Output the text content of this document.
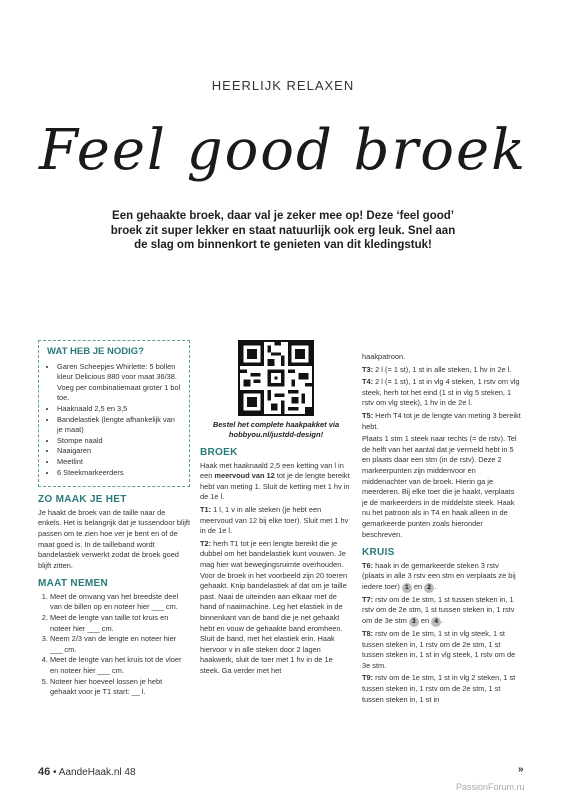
HEERLIJK RELAXEN
Feel good broek
Een gehaakte broek, daar val je zeker mee op! Deze ‘feel good’ broek zit super lekker en staat natuurlijk ook erg leuk. Snel aan de slag om binnenkort te genieten van dit kledingstuk!
WAT HEB JE NODIG?
• Garen Scheepjes Whirlette: 5 bollen kleur Delicious 880 voor maat 36/38. Voeg per combinatiemaat groter 1 bol toe.
• Haaknaald 2,5 en 3,5
• Bandelastiek (lengte afhankelijk van je maat)
• Stompe naald
• Naaigaren
• Meetlint
• 6 Steekmarkeerders
ZO MAAK JE HET

Je haakt de broek van de taille naar de enkels. Het is belangrijk dat je tussendoor blijft passen om te zien hoe ver je bent en of de maat goed is. In de tailleband wordt bandelastiek verwerkt zodat de broek goed blijft zitten.

MAAT NEMEN
1. Meet de omvang van het breedste deel van de billen op en noteer hier ___ cm.
2. Meet de lengte van taille tot kruis en noteer hier ___ cm.
3. Neem 2/3 van de lengte en noteer hier ___ cm.
4. Meet de lengte van het kruis tot de vloer en noteer hier ___ cm.
5. Noteer hier hoeveel lossen je hebt gehaakt voor je T1 start: __ l.
Bestel het complete haakpakket via hobbyou.nl/justdd-design!
BROEK

Haak met haaknaald 2,5 een ketting van l in een meervoud van 12 tot je de lengte bereikt hebt van meting 1. Sluit de ketting met 1 hv in de 1e l.

T1: 1 l, 1 v in alle steken (je hebt een meervoud van 12 bij elke toer). Sluit met 1 hv in de 1e l.

T2: herh T1 tot je een lengte bereikt die je dubbel om het bandelastiek kunt vouwen. Je mag hier wat bewegingsruimte overhouden. Voor de broek in het voorbeeld zijn 20 toeren gehaakt. Knip bandelastiek af dat om je taille past. Naai de uiteinden aan elkaar met de hand of naaimachine. Leg het elastiek in de binnenkant van de band die je net gehaakt hebt en vouw de gehaakte band eromheen. Sluit de band, met het elastiek erin. Haak hiervoor v in alle steken door 2 lagen haakwerk, sluit de toer met 1 hv in de 1e steek. Ga verder met het

haakpatroon.

T3: 2 l (= 1 st), 1 st in alle steken, 1 hv in 2e l.

T4: 2 l (= 1 st), 1 st in vlg 4 steken, 1 rstv om vlg steek, herh tot het eind (1 st in vlg 5 steken, 1 rstv om vlg steek), 1 hv in de 2e l.

T5: Herh T4 tot je de lengte van meting 3 bereikt hebt.

Plaats 1 stm 1 steek naar rechts (= de rstv). Tel de helft van het aantal dat je vermeld hebt in 5 en plaats daar een stm (in de rstv). Deze 2 markeerpunten zijn middenvoor en middenachter van de broek. Hierin ga je meerderen. Bij elke toer die je haakt, verplaats je de markeerders in de middelste steek. Haak nu het patroon als in T4 en haak alleen in de gemarkeerde punten zoals hieronder beschreven.

KRUIS

T6: haak in de gemarkeerde steken 3 rstv (plaats in alle 3 rstv een stm en verplaats ze bij iedere toer) 1 en 2 .

T7: rstv om de 1e stm, 1 st tussen steken in, 1 rstv om de 2e stm, 1 st tussen steken in, 1 rstv om de 3e stm 3 en 4 .

T8: rstv om de 1e stm, 1 st in vlg steek, 1 st tussen steken in, 1 rstv om de 2e stm, 1 st tussen steken in, 1 st in vlg steek, 1 rstv om de 3e stm.

T9: rstv om de 1e stm, 1 st in vlg 2 steken, 1 st tussen steken in, 1 rstv om de 2e stm, 1 st tussen steken in, 1 st in

46 • AandeHaak.nl 48	»
PassionForum.ru
